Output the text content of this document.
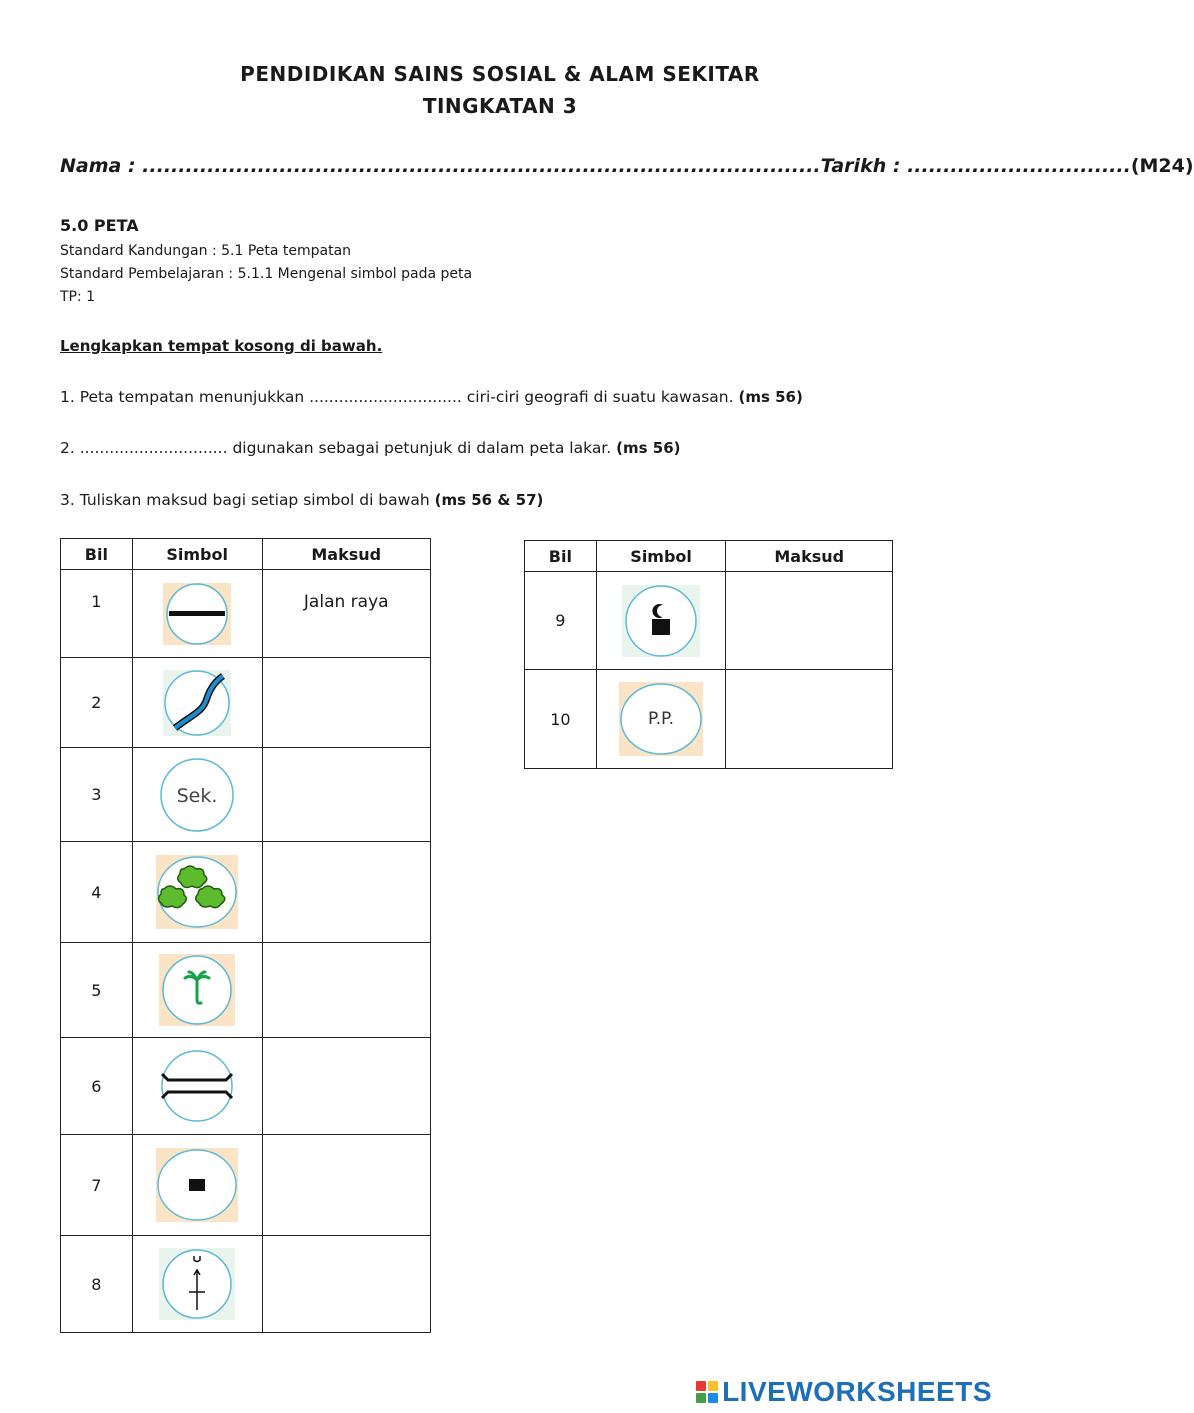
PENDIDIKAN SAINS SOSIAL & ALAM SEKITAR
TINGKATAN 3
Nama : ..............................................................................................Tarikh : ...............................(M24)
5.0 PETA
Standard Kandungan : 5.1 Peta tempatan
Standard Pembelajaran : 5.1.1 Mengenal simbol pada peta
TP: 1
Lengkapkan tempat kosong di bawah.
1. Peta tempatan menunjukkan ............................... ciri-ciri geografi di suatu kawasan. (ms 56)
2. .............................. digunakan sebagai petunjuk di dalam peta lakar. (ms 56)
3. Tuliskan maksud bagi setiap simbol di bawah (ms 56 & 57)
Bil	Simbol	Maksud
1		Jalan raya
2	

3	Sek.	

4	

5	

6	

7	

8	

Bil	Simbol	Maksud
9	

10	P.P.	

LIVEWORKSHEETS
